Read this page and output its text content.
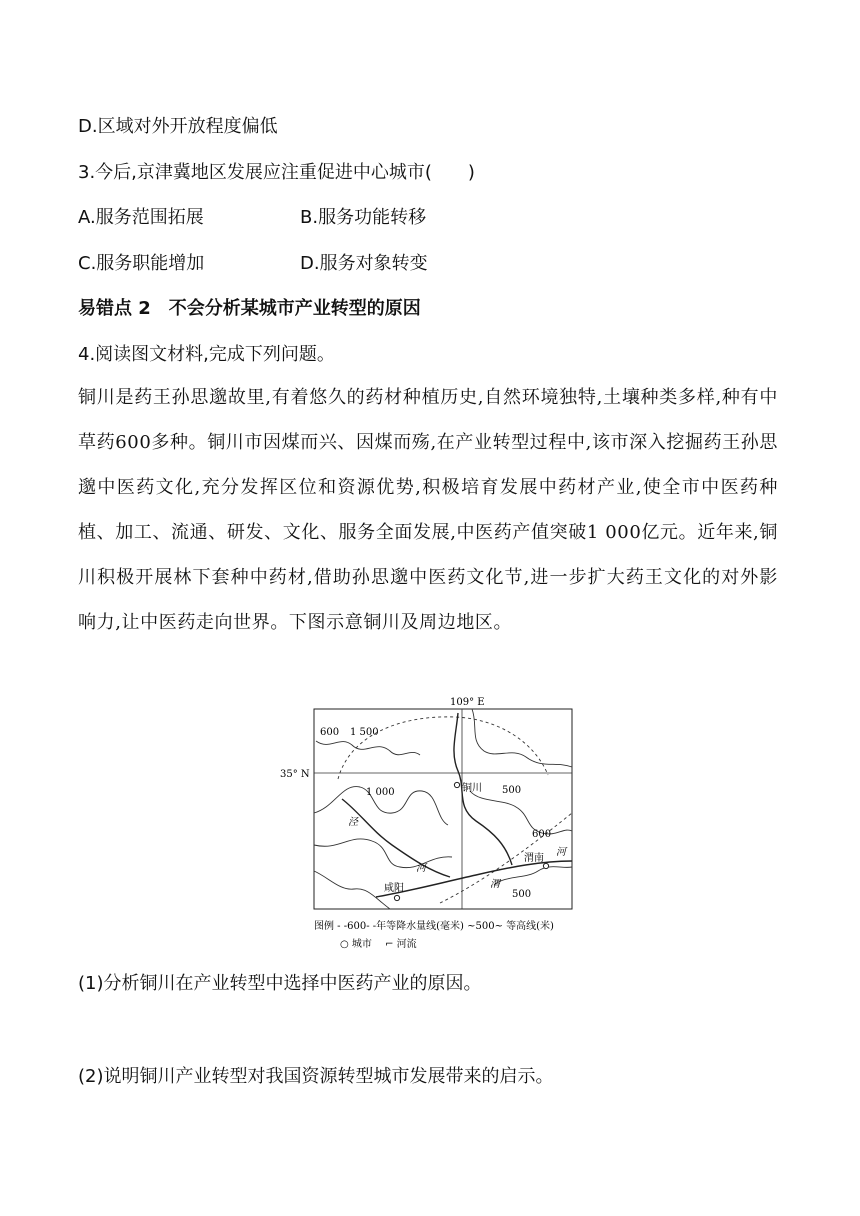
D.区域对外开放程度偏低
3.今后,京津冀地区发展应注重促进中心城市(　　)
A.服务范围拓展	B.服务功能转移
C.服务职能增加	D.服务对象转变
易错点 2　不会分析某城市产业转型的原因
4.阅读图文材料,完成下列问题。
铜川是药王孙思邈故里,有着悠久的药材种植历史,自然环境独特,土壤种类多样,种有中草药600多种。铜川市因煤而兴、因煤而殇,在产业转型过程中,该市深入挖掘药王孙思邈中医药文化,充分发挥区位和资源优势,积极培育发展中药材产业,使全市中医药种植、加工、流通、研发、文化、服务全面发展,中医药产值突破1 000亿元。近年来,铜川积极开展林下套种中药材,借助孙思邈中医药文化节,进一步扩大药王文化的对外影响力,让中医药走向世界。下图示意铜川及周边地区。
109° E
35° N
600 1 500
1 000	500
600
500
泾
河
渭
河
铜川
渭南
咸阳
图例 - -600- -年等降水量线(毫米) ~500~ 等高线(米)
○ 城市　 ⌐ 河流
(1)分析铜川在产业转型中选择中医药产业的原因。
(2)说明铜川产业转型对我国资源转型城市发展带来的启示。
